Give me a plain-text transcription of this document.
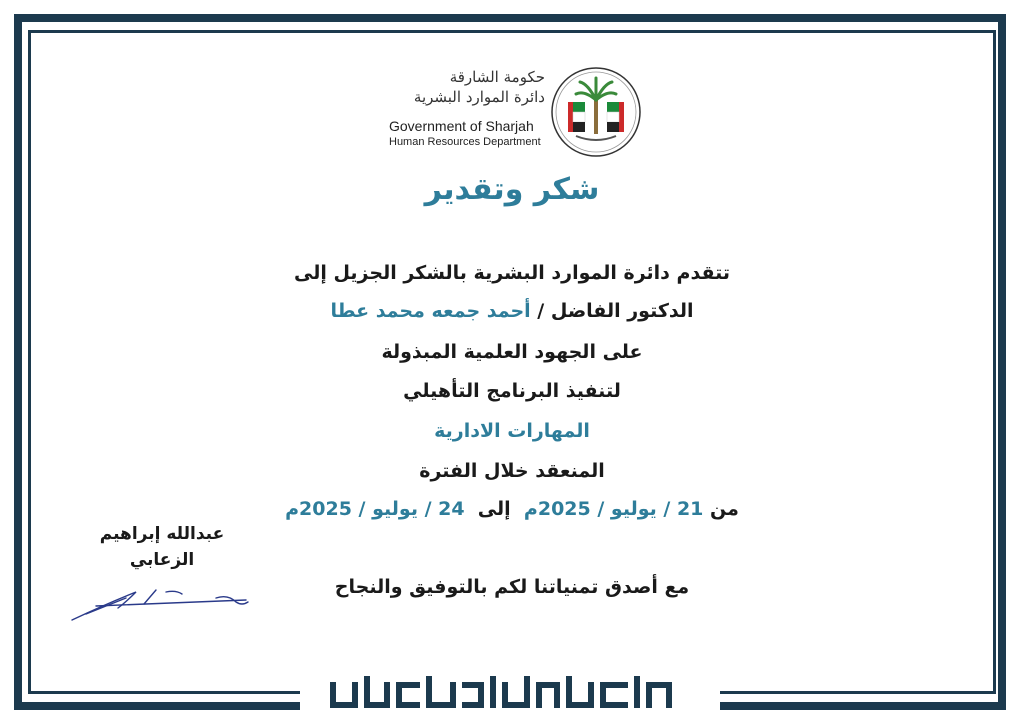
حكومة الشارقة
دائرة الموارد البشرية
Government of Sharjah
Human Resources Department
شكر وتقدير
تتقدم دائرة الموارد البشرية بالشكر الجزيل إلى
الدكتور الفاضل / أحمد جمعه محمد عطا
على الجهود العلمية المبذولة
لتنفيذ البرنامج التأهيلي
المهارات الادارية
المنعقد خلال الفترة
من 21 / يوليو / 2025م  إلى  24 / يوليو / 2025م
مع أصدق تمنياتنا لكم بالتوفيق والنجاح
عبدالله إبراهيم
الزعابي
